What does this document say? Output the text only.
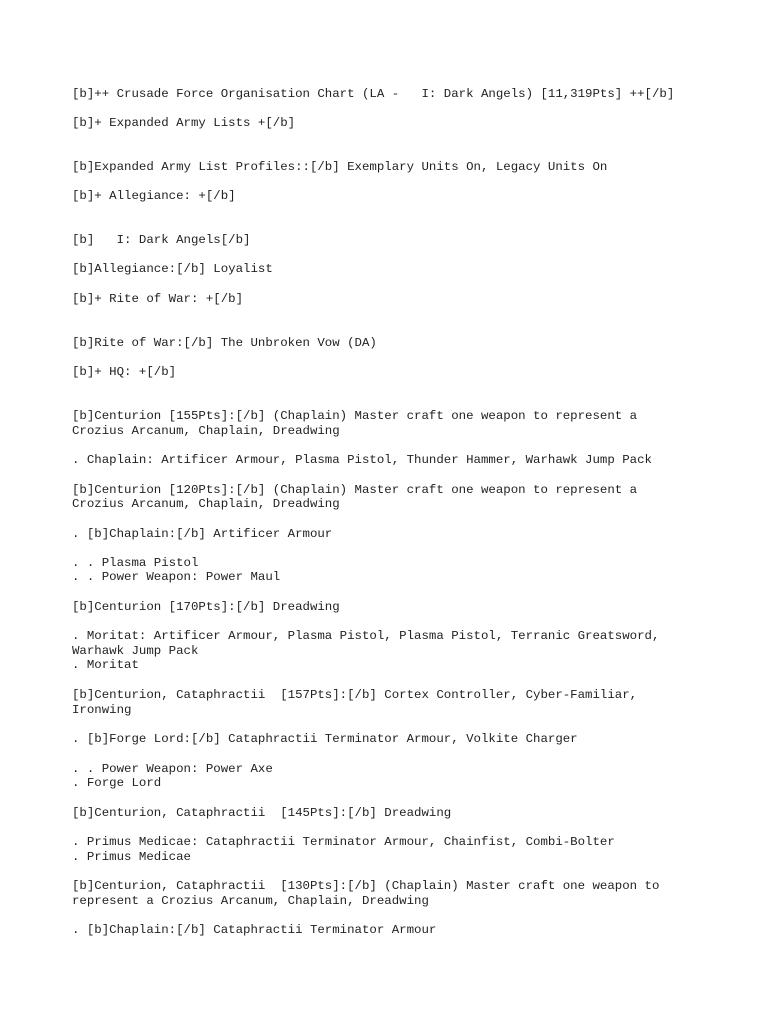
[b]++ Crusade Force Organisation Chart (LA -   I: Dark Angels) [11,319Pts] ++[/b]
[b]+ Expanded Army Lists +[/b]
[b]Expanded Army List Profiles::[/b] Exemplary Units On, Legacy Units On
[b]+ Allegiance: +[/b]
[b]   I: Dark Angels[/b]
[b]Allegiance:[/b] Loyalist
[b]+ Rite of War: +[/b]
[b]Rite of War:[/b] The Unbroken Vow (DA)
[b]+ HQ: +[/b]
[b]Centurion [155Pts]:[/b] (Chaplain) Master craft one weapon to represent a
Crozius Arcanum, Chaplain, Dreadwing
. Chaplain: Artificer Armour, Plasma Pistol, Thunder Hammer, Warhawk Jump Pack
[b]Centurion [120Pts]:[/b] (Chaplain) Master craft one weapon to represent a
Crozius Arcanum, Chaplain, Dreadwing
. [b]Chaplain:[/b] Artificer Armour
. . Plasma Pistol
. . Power Weapon: Power Maul
[b]Centurion [170Pts]:[/b] Dreadwing
. Moritat: Artificer Armour, Plasma Pistol, Plasma Pistol, Terranic Greatsword,
Warhawk Jump Pack
. Moritat
[b]Centurion, Cataphractii  [157Pts]:[/b] Cortex Controller, Cyber-Familiar,
Ironwing
. [b]Forge Lord:[/b] Cataphractii Terminator Armour, Volkite Charger
. . Power Weapon: Power Axe
. Forge Lord
[b]Centurion, Cataphractii  [145Pts]:[/b] Dreadwing
. Primus Medicae: Cataphractii Terminator Armour, Chainfist, Combi-Bolter
. Primus Medicae
[b]Centurion, Cataphractii  [130Pts]:[/b] (Chaplain) Master craft one weapon to
represent a Crozius Arcanum, Chaplain, Dreadwing
. [b]Chaplain:[/b] Cataphractii Terminator Armour
